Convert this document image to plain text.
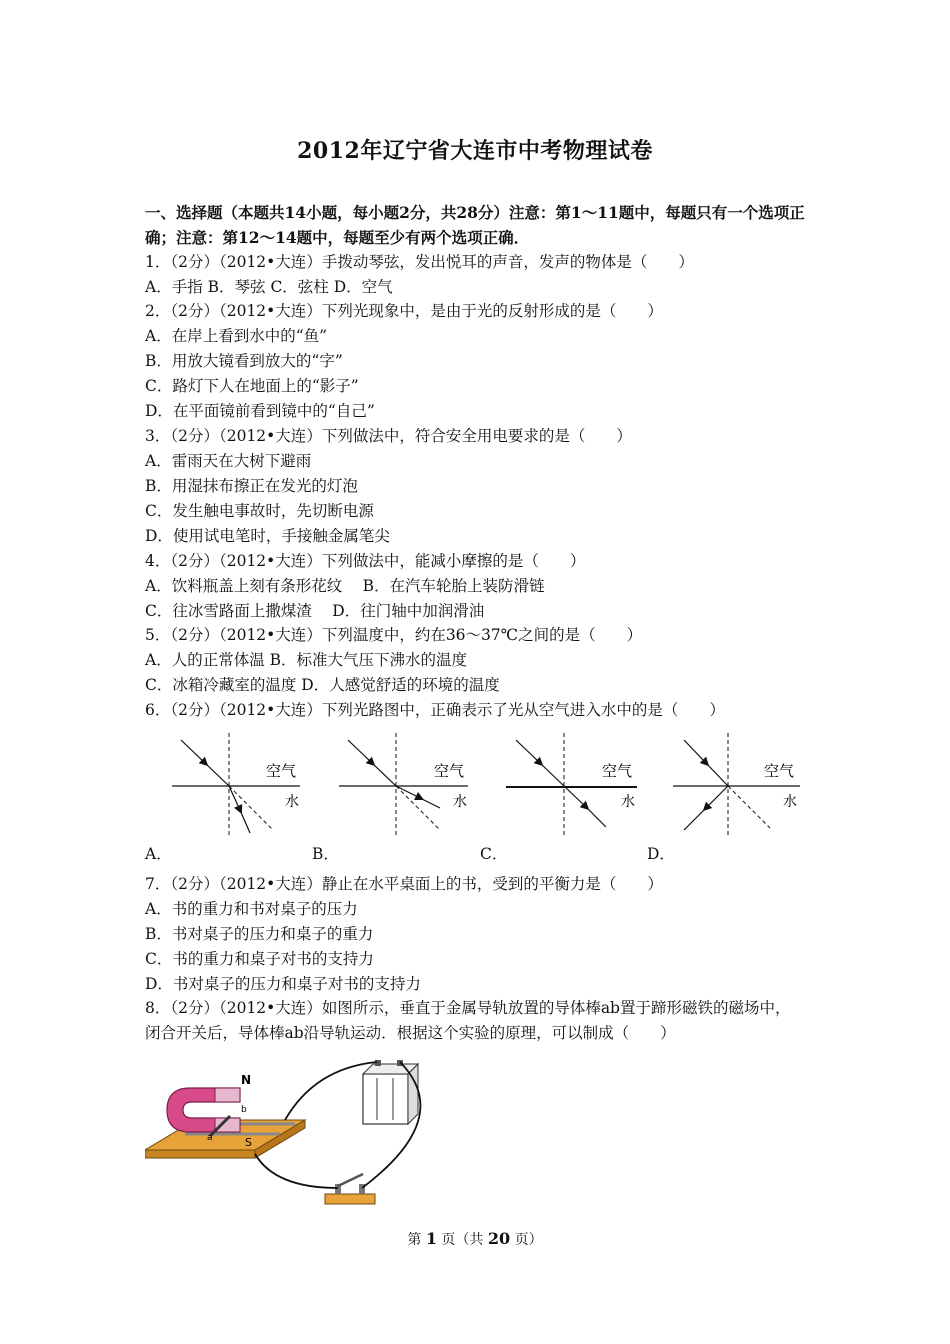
2012年辽宁省大连市中考物理试卷
一、选择题（本题共14小题，每小题2分，共28分）注意：第1～11题中，每题只有一个选项正确；注意：第12～14题中，每题至少有两个选项正确．
1．（2分）（2012•大连）手拨动琴弦，发出悦耳的声音，发声的物体是（　　）
A．手指 B．琴弦 C．弦柱 D．空气
2．（2分）（2012•大连）下列光现象中，是由于光的反射形成的是（　　）
A．在岸上看到水中的“鱼”
B．用放大镜看到放大的“字”
C．路灯下人在地面上的“影子”
D．在平面镜前看到镜中的“自己”
3．（2分）（2012•大连）下列做法中，符合安全用电要求的是（　　）
A．雷雨天在大树下避雨
B．用湿抹布擦正在发光的灯泡
C．发生触电事故时，先切断电源
D．使用试电笔时，手接触金属笔尖
4．（2分）（2012•大连）下列做法中，能减小摩擦的是（　　）
A．饮料瓶盖上刻有条形花纹　 B．在汽车轮胎上装防滑链
C．往冰雪路面上撒煤渣　 D．往门轴中加润滑油
5．（2分）（2012•大连）下列温度中，约在36～37℃之间的是（　　）
A．人的正常体温 B．标准大气压下沸水的温度
C．冰箱冷藏室的温度 D．人感觉舒适的环境的温度
6．（2分）（2012•大连）下列光路图中，正确表示了光从空气进入水中的是（　　）
空气
水
空气
水
空气
水
空气
水
A．	B．	C．	D．
7．（2分）（2012•大连）静止在水平桌面上的书，受到的平衡力是（　　）
A．书的重力和书对桌子的压力
B．书对桌子的压力和桌子的重力
C．书的重力和桌子对书的支持力
D．书对桌子的压力和桌子对书的支持力
8．（2分）（2012•大连）如图所示，垂直于金属导轨放置的导体棒ab置于蹄形磁铁的磁场中，闭合开关后，导体棒ab沿导轨运动．根据这个实验的原理，可以制成（　　）
N
S
a
b
第 1 页（共 20 页）
